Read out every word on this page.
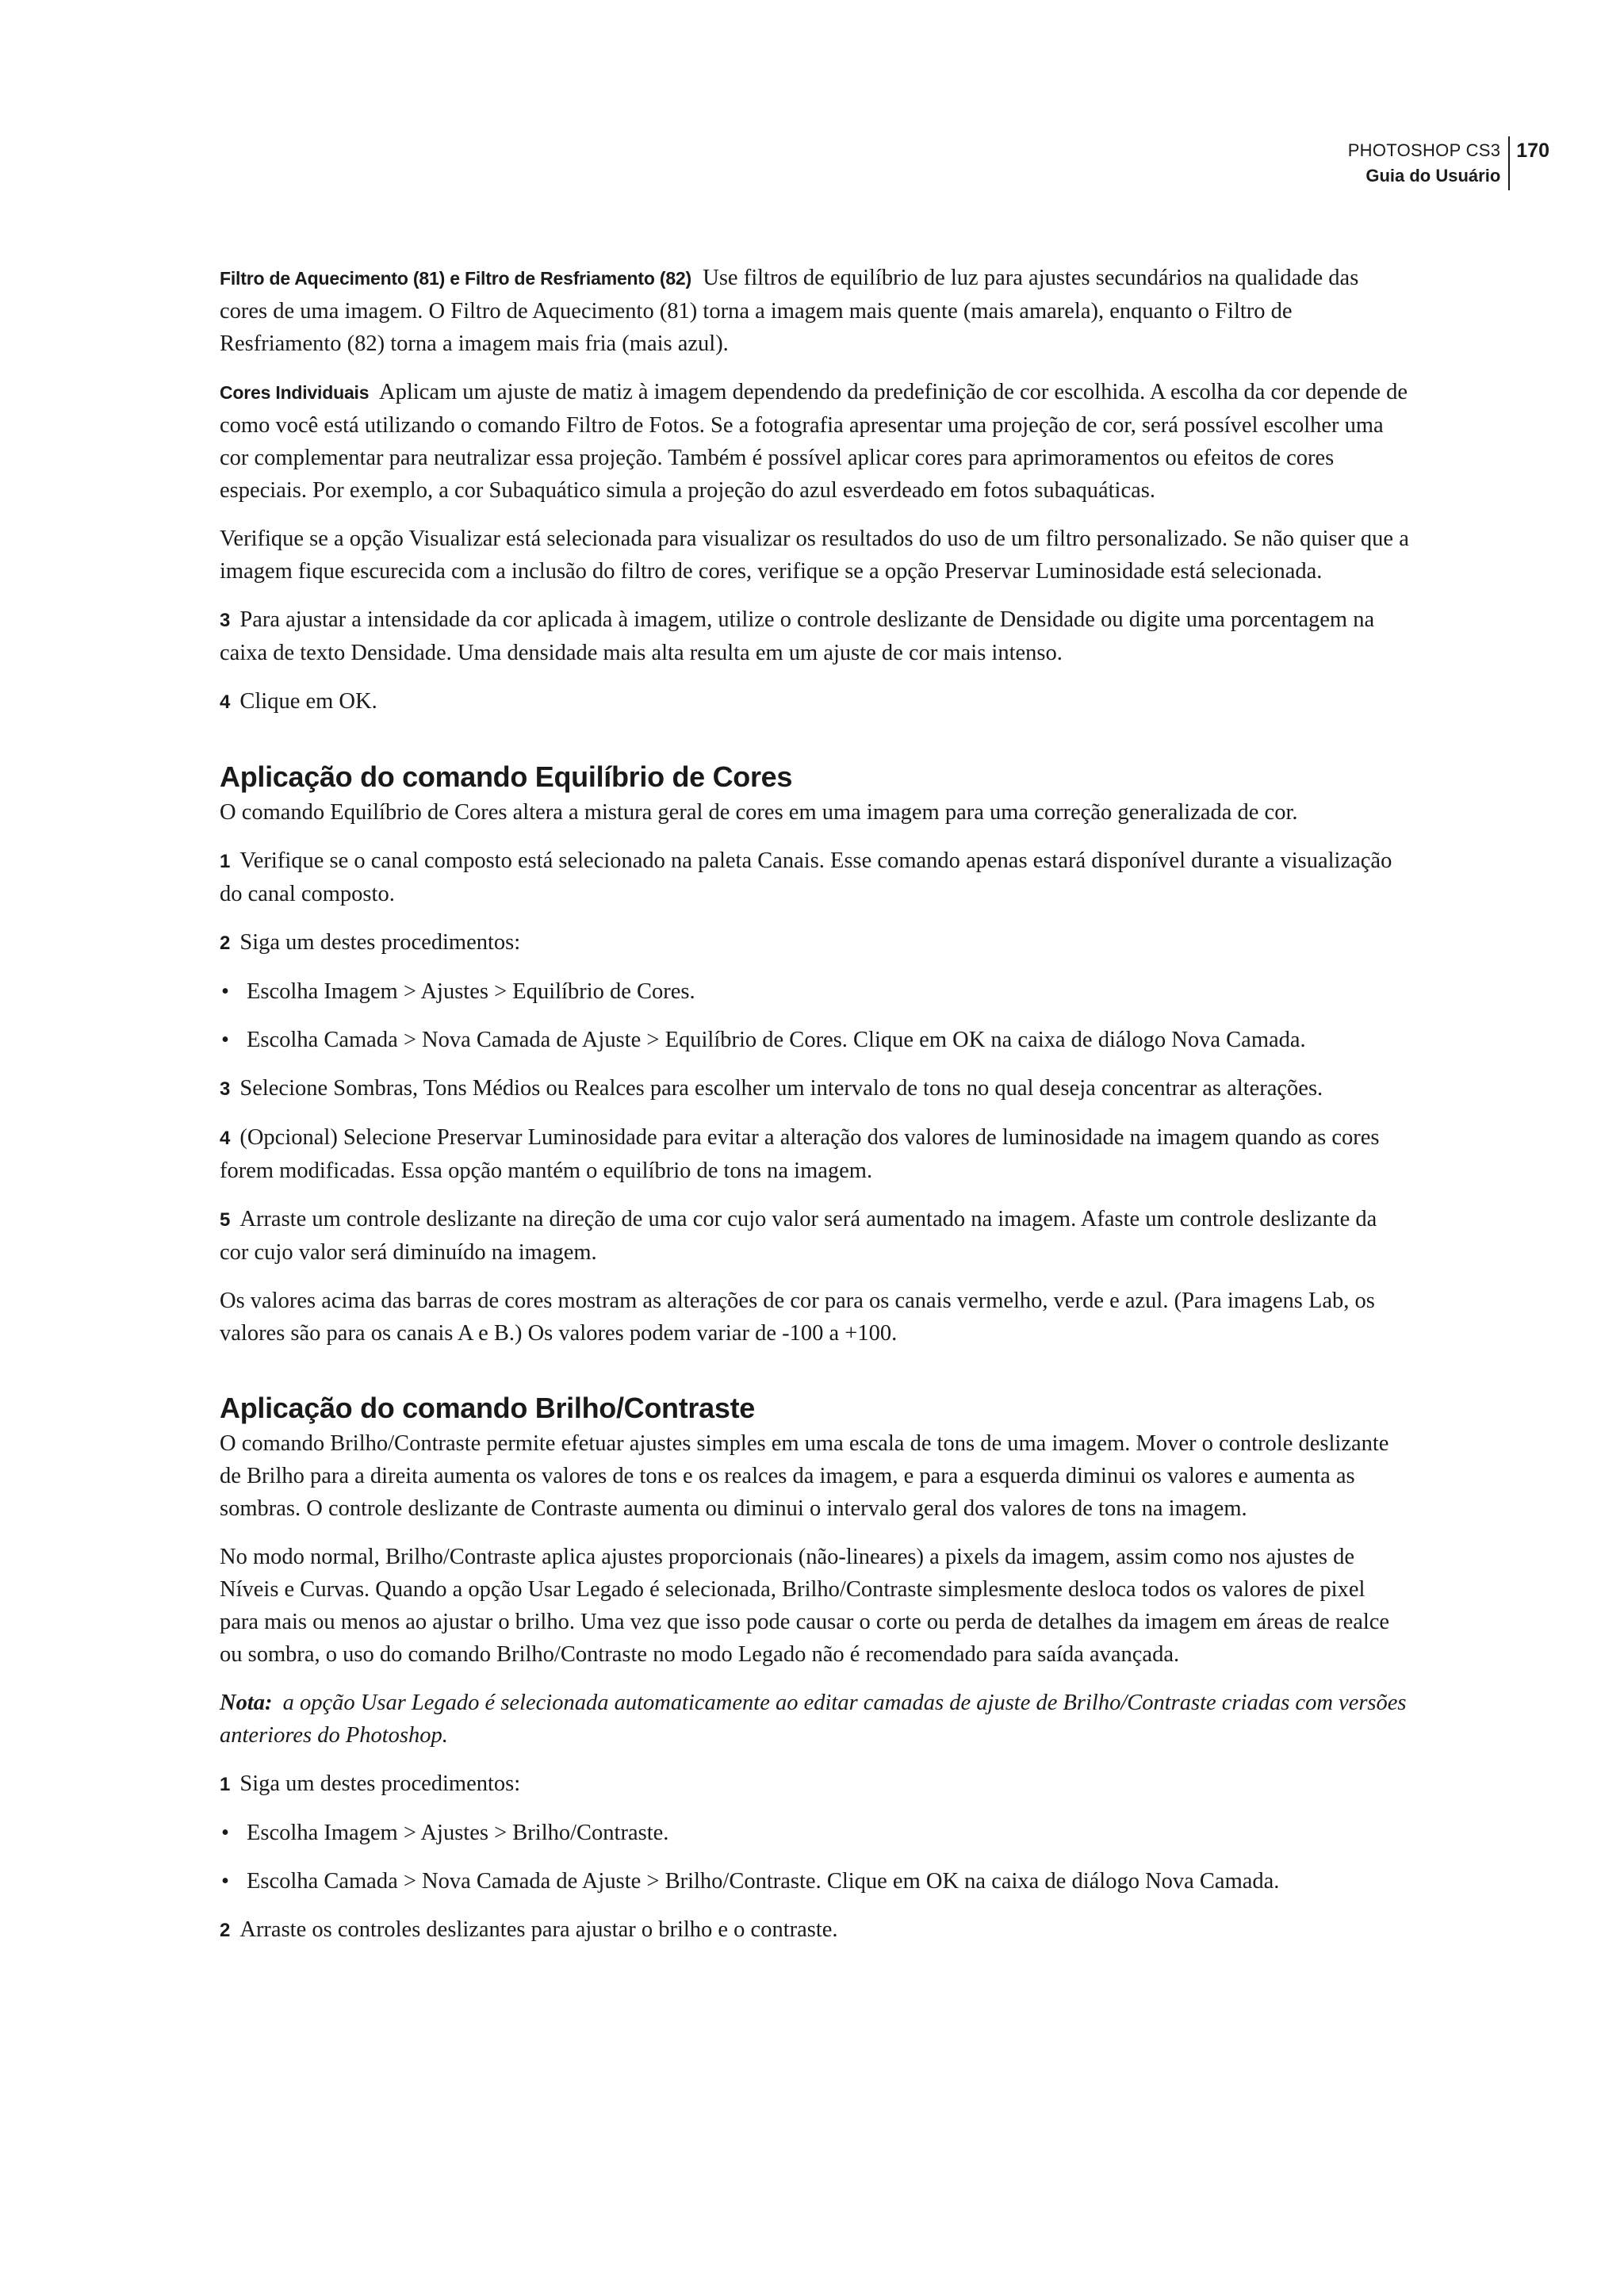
PHOTOSHOP CS3
Guia do Usuário
170

Filtro de Aquecimento (81) e Filtro de Resfriamento (82) Use filtros de equilíbrio de luz para ajustes secundários na qualidade das cores de uma imagem. O Filtro de Aquecimento (81) torna a imagem mais quente (mais amarela), enquanto o Filtro de Resfriamento (82) torna a imagem mais fria (mais azul).

Cores Individuais Aplicam um ajuste de matiz à imagem dependendo da predefinição de cor escolhida. A escolha da cor depende de como você está utilizando o comando Filtro de Fotos. Se a fotografia apresentar uma projeção de cor, será possível escolher uma cor complementar para neutralizar essa projeção. Também é possível aplicar cores para aprimoramentos ou efeitos de cores especiais. Por exemplo, a cor Subaquático simula a projeção do azul esverdeado em fotos subaquáticas.

Verifique se a opção Visualizar está selecionada para visualizar os resultados do uso de um filtro personalizado. Se não quiser que a imagem fique escurecida com a inclusão do filtro de cores, verifique se a opção Preservar Luminosidade está selecionada.

3 Para ajustar a intensidade da cor aplicada à imagem, utilize o controle deslizante de Densidade ou digite uma porcentagem na caixa de texto Densidade. Uma densidade mais alta resulta em um ajuste de cor mais intenso.

4 Clique em OK.

Aplicação do comando Equilíbrio de Cores

O comando Equilíbrio de Cores altera a mistura geral de cores em uma imagem para uma correção generalizada de cor.

1 Verifique se o canal composto está selecionado na paleta Canais. Esse comando apenas estará disponível durante a visualização do canal composto.

2 Siga um destes procedimentos:

• Escolha Imagem > Ajustes > Equilíbrio de Cores.

• Escolha Camada > Nova Camada de Ajuste > Equilíbrio de Cores. Clique em OK na caixa de diálogo Nova Camada.

3 Selecione Sombras, Tons Médios ou Realces para escolher um intervalo de tons no qual deseja concentrar as alterações.

4 (Opcional) Selecione Preservar Luminosidade para evitar a alteração dos valores de luminosidade na imagem quando as cores forem modificadas. Essa opção mantém o equilíbrio de tons na imagem.

5 Arraste um controle deslizante na direção de uma cor cujo valor será aumentado na imagem. Afaste um controle deslizante da cor cujo valor será diminuído na imagem.

Os valores acima das barras de cores mostram as alterações de cor para os canais vermelho, verde e azul. (Para imagens Lab, os valores são para os canais A e B.) Os valores podem variar de -100 a +100.

Aplicação do comando Brilho/Contraste

O comando Brilho/Contraste permite efetuar ajustes simples em uma escala de tons de uma imagem. Mover o controle deslizante de Brilho para a direita aumenta os valores de tons e os realces da imagem, e para a esquerda diminui os valores e aumenta as sombras. O controle deslizante de Contraste aumenta ou diminui o intervalo geral dos valores de tons na imagem.

No modo normal, Brilho/Contraste aplica ajustes proporcionais (não-lineares) a pixels da imagem, assim como nos ajustes de Níveis e Curvas. Quando a opção Usar Legado é selecionada, Brilho/Contraste simplesmente desloca todos os valores de pixel para mais ou menos ao ajustar o brilho. Uma vez que isso pode causar o corte ou perda de detalhes da imagem em áreas de realce ou sombra, o uso do comando Brilho/Contraste no modo Legado não é recomendado para saída avançada.

Nota: a opção Usar Legado é selecionada automaticamente ao editar camadas de ajuste de Brilho/Contraste criadas com versões anteriores do Photoshop.

1 Siga um destes procedimentos:

• Escolha Imagem > Ajustes > Brilho/Contraste.

• Escolha Camada > Nova Camada de Ajuste > Brilho/Contraste. Clique em OK na caixa de diálogo Nova Camada.

2 Arraste os controles deslizantes para ajustar o brilho e o contraste.
